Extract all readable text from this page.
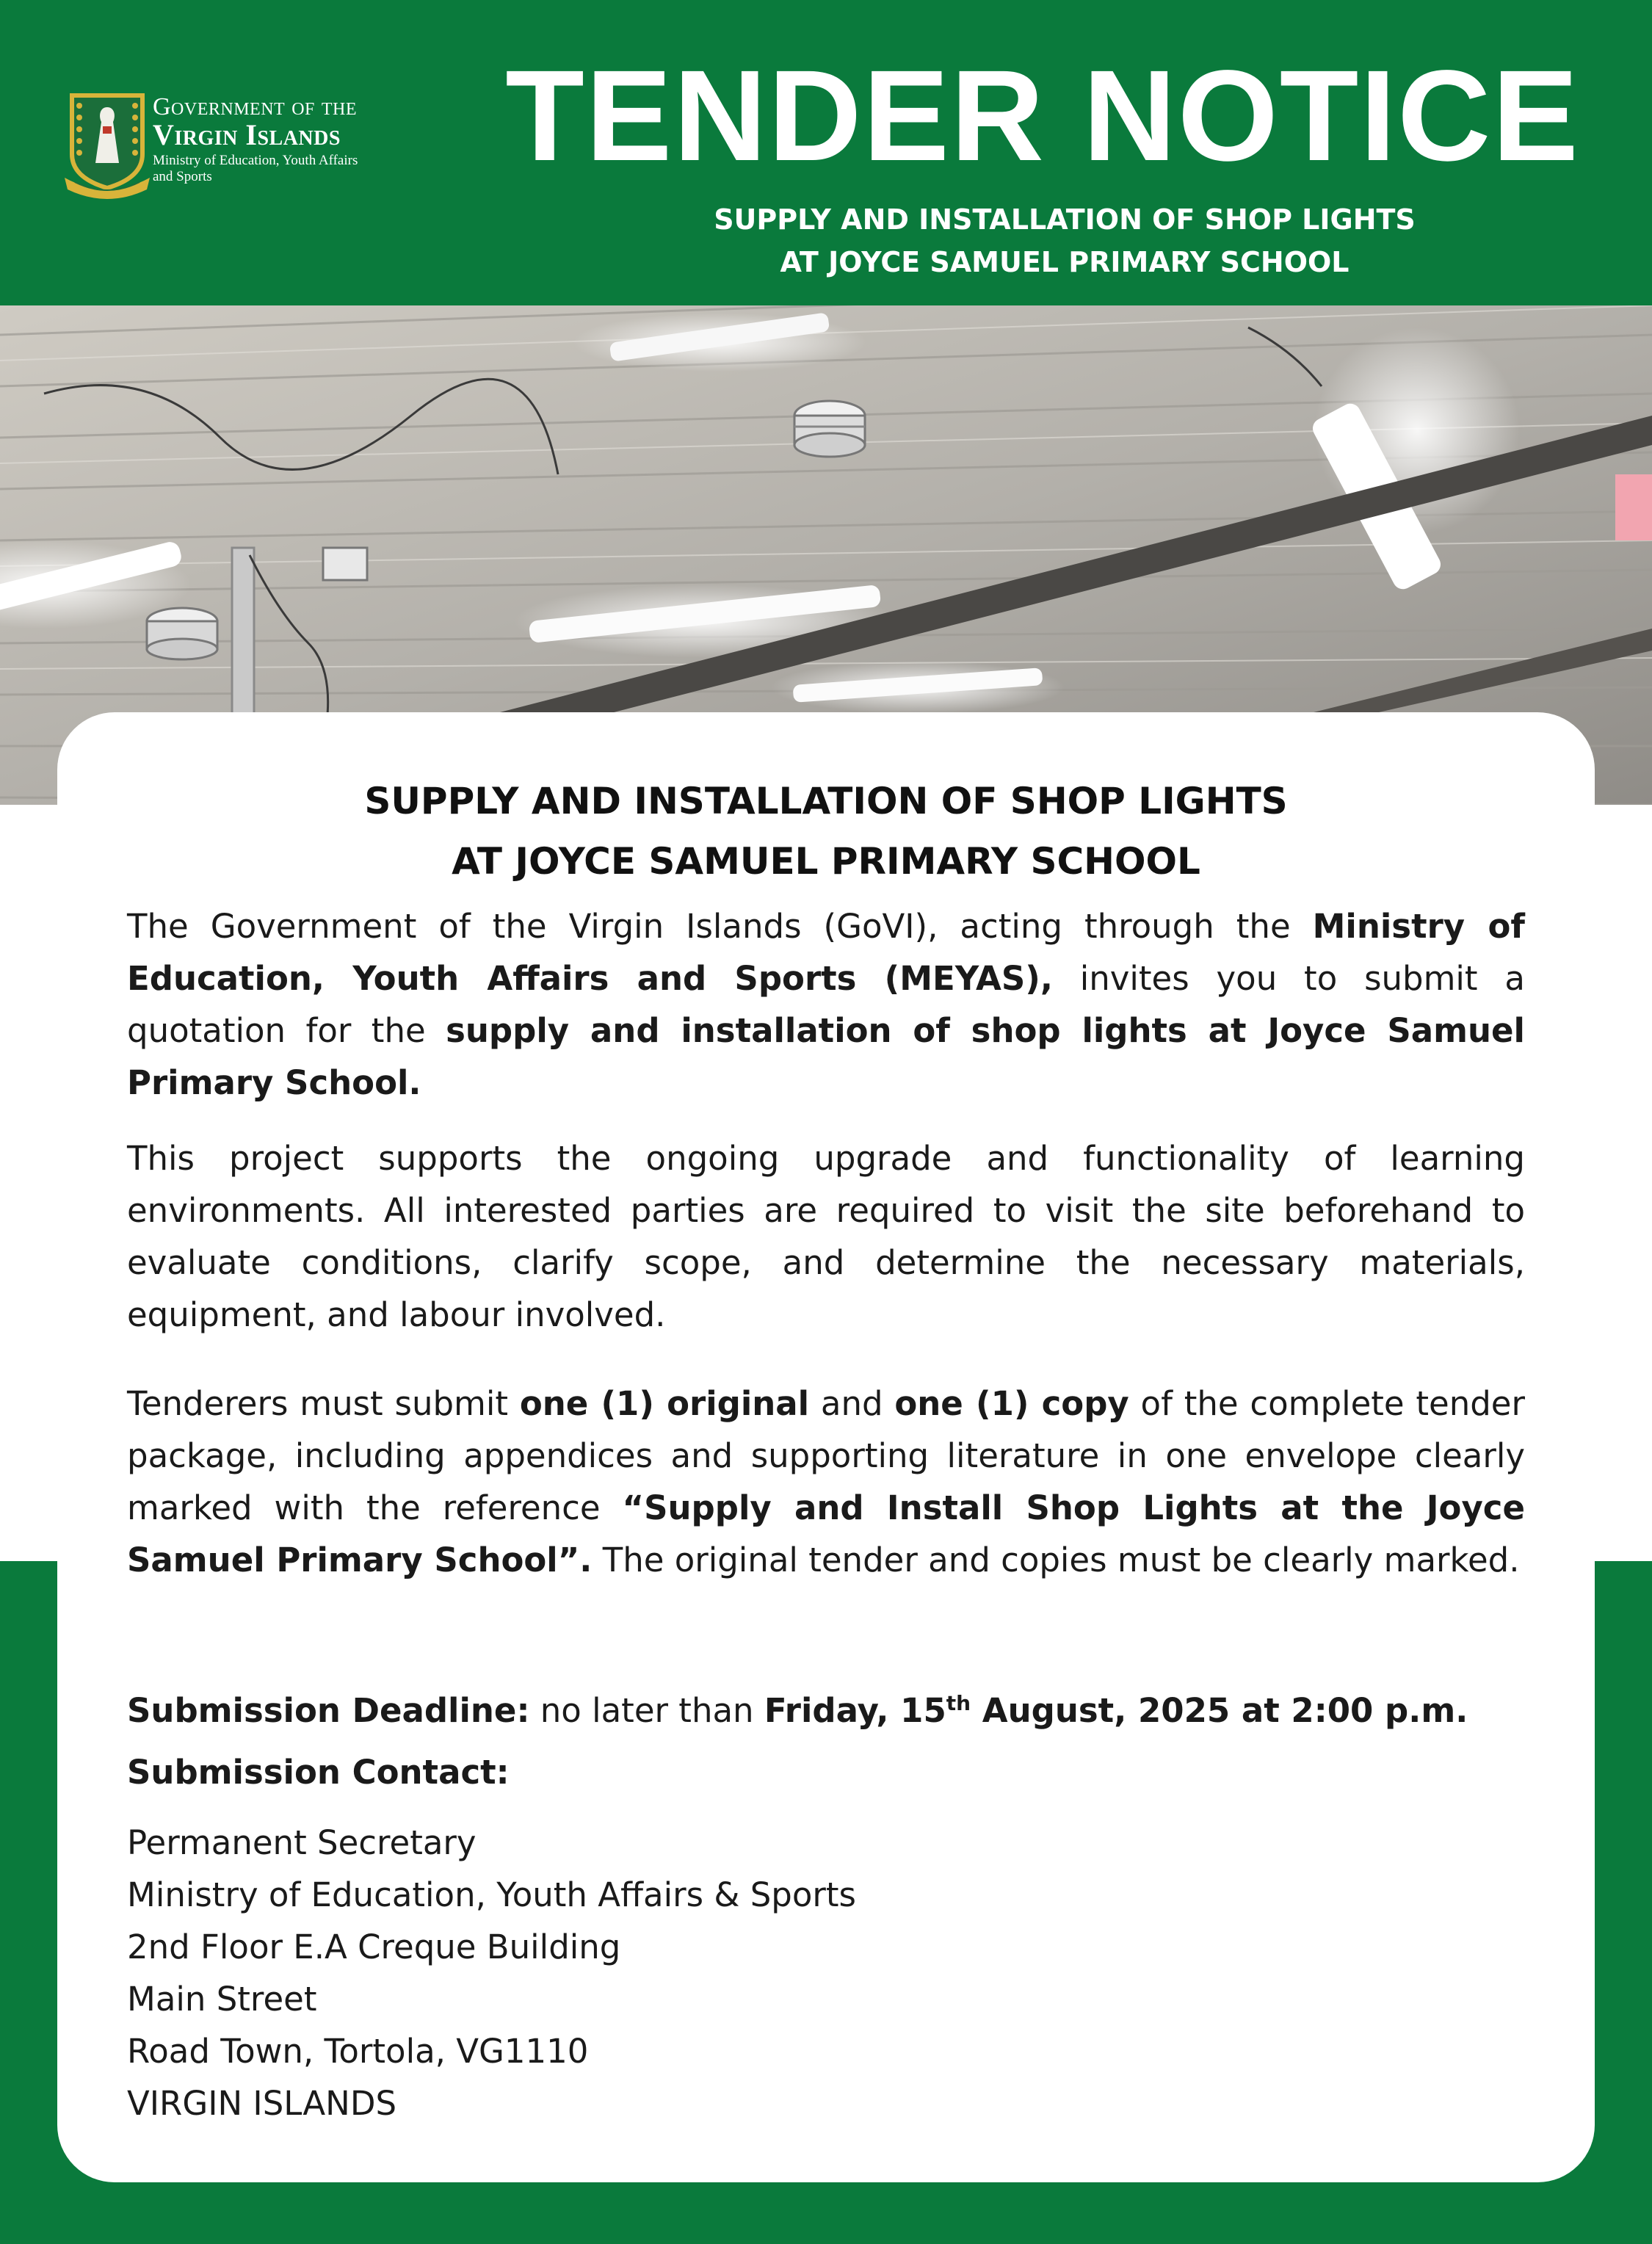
Government of the
Virgin Islands
Ministry of Education, Youth Affairs and Sports	TENDER NOTICE
SUPPLY AND INSTALLATION OF SHOP LIGHTS
AT JOYCE SAMUEL PRIMARY SCHOOL
SUPPLY AND INSTALLATION OF SHOP LIGHTS
AT JOYCE SAMUEL PRIMARY SCHOOL
The Government of the Virgin Islands (GoVI), acting through the Ministry of Education, Youth Affairs and Sports (MEYAS), invites you to submit a quotation for the supply and installation of shop lights at Joyce Samuel Primary School.
This project supports the ongoing upgrade and functionality of learning environments. All interested parties are required to visit the site beforehand to evaluate conditions, clarify scope, and determine the necessary materials, equipment, and labour involved.
Tenderers must submit one (1) original and one (1) copy of the complete tender package, including appendices and supporting literature in one envelope clearly marked with the reference “Supply and Install Shop Lights at the Joyce Samuel Primary School”. The original tender and copies must be clearly marked.
Submission Deadline: no later than Friday, 15th August, 2025 at 2:00 p.m.
Submission Contact:
Permanent Secretary
Ministry of Education, Youth Affairs & Sports
2nd Floor E.A Creque Building
Main Street
Road Town, Tortola, VG1110
VIRGIN ISLANDS
